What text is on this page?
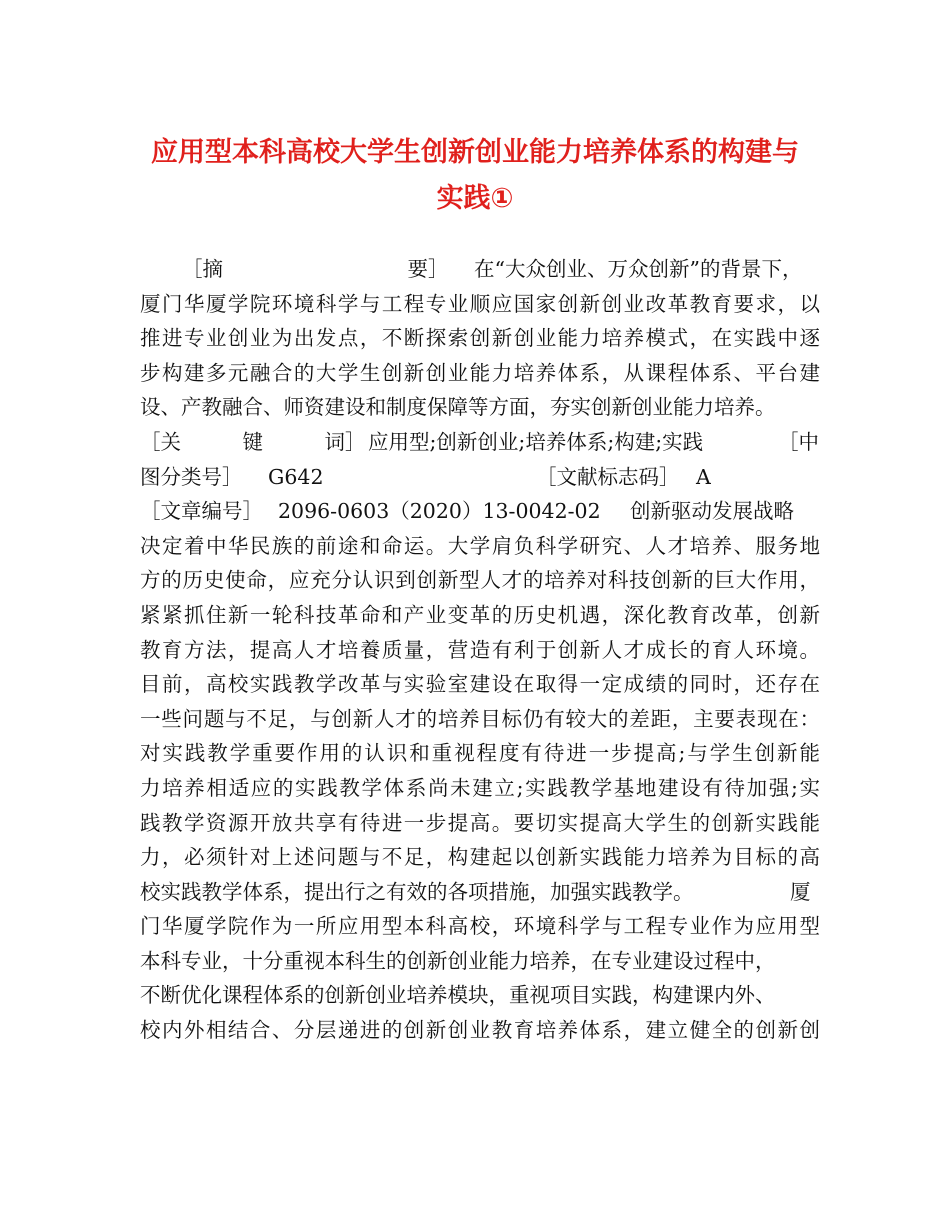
应用型本科高校大学生创新创业能力培养体系的构建与
实践①
［摘　　　　　　　　　要］ 在“大众创业、万众创新”的背景下，
厦门华厦学院环境科学与工程专业顺应国家创新创业改革教育要求，以
推进专业创业为出发点，不断探索创新创业能力培养模式，在实践中逐
步构建多元融合的大学生创新创业能力培养体系，从课程体系、平台建
设、产教融合、师资建设和制度保障等方面，夯实创新创业能力培养。
［关　　　键　　　词］ 应用型;创新创业;培养体系;构建;实践	［中
图分类号］ G642	［文献标志码］ A
［文章编号］ 2096-0603（2020）13-0042-02 创新驱动发展战略
决定着中华民族的前途和命运。大学肩负科学研究、人才培养、服务地
方的历史使命，应充分认识到创新型人才的培养对科技创新的巨大作用，
紧紧抓住新一轮科技革命和产业变革的历史机遇，深化教育改革，创新
教育方法，提高人才培養质量，营造有利于创新人才成长的育人环境。
目前，高校实践教学改革与实验室建设在取得一定成绩的同时，还存在
一些问题与不足，与创新人才的培养目标仍有较大的差距，主要表现在：
对实践教学重要作用的认识和重视程度有待进一步提高;与学生创新能
力培养相适应的实践教学体系尚未建立;实践教学基地建设有待加强;实
践教学资源开放共享有待进一步提高。要切实提高大学生的创新实践能
力，必须针对上述问题与不足，构建起以创新实践能力培养为目标的高
校实践教学体系，提出行之有效的各项措施，加强实践教学。	厦
门华厦学院作为一所应用型本科高校，环境科学与工程专业作为应用型
本科专业，十分重视本科生的创新创业能力培养，在专业建设过程中，
不断优化课程体系的创新创业培养模块，重视项目实践，构建课内外、
校内外相结合、分层递进的创新创业教育培养体系，建立健全的创新创
